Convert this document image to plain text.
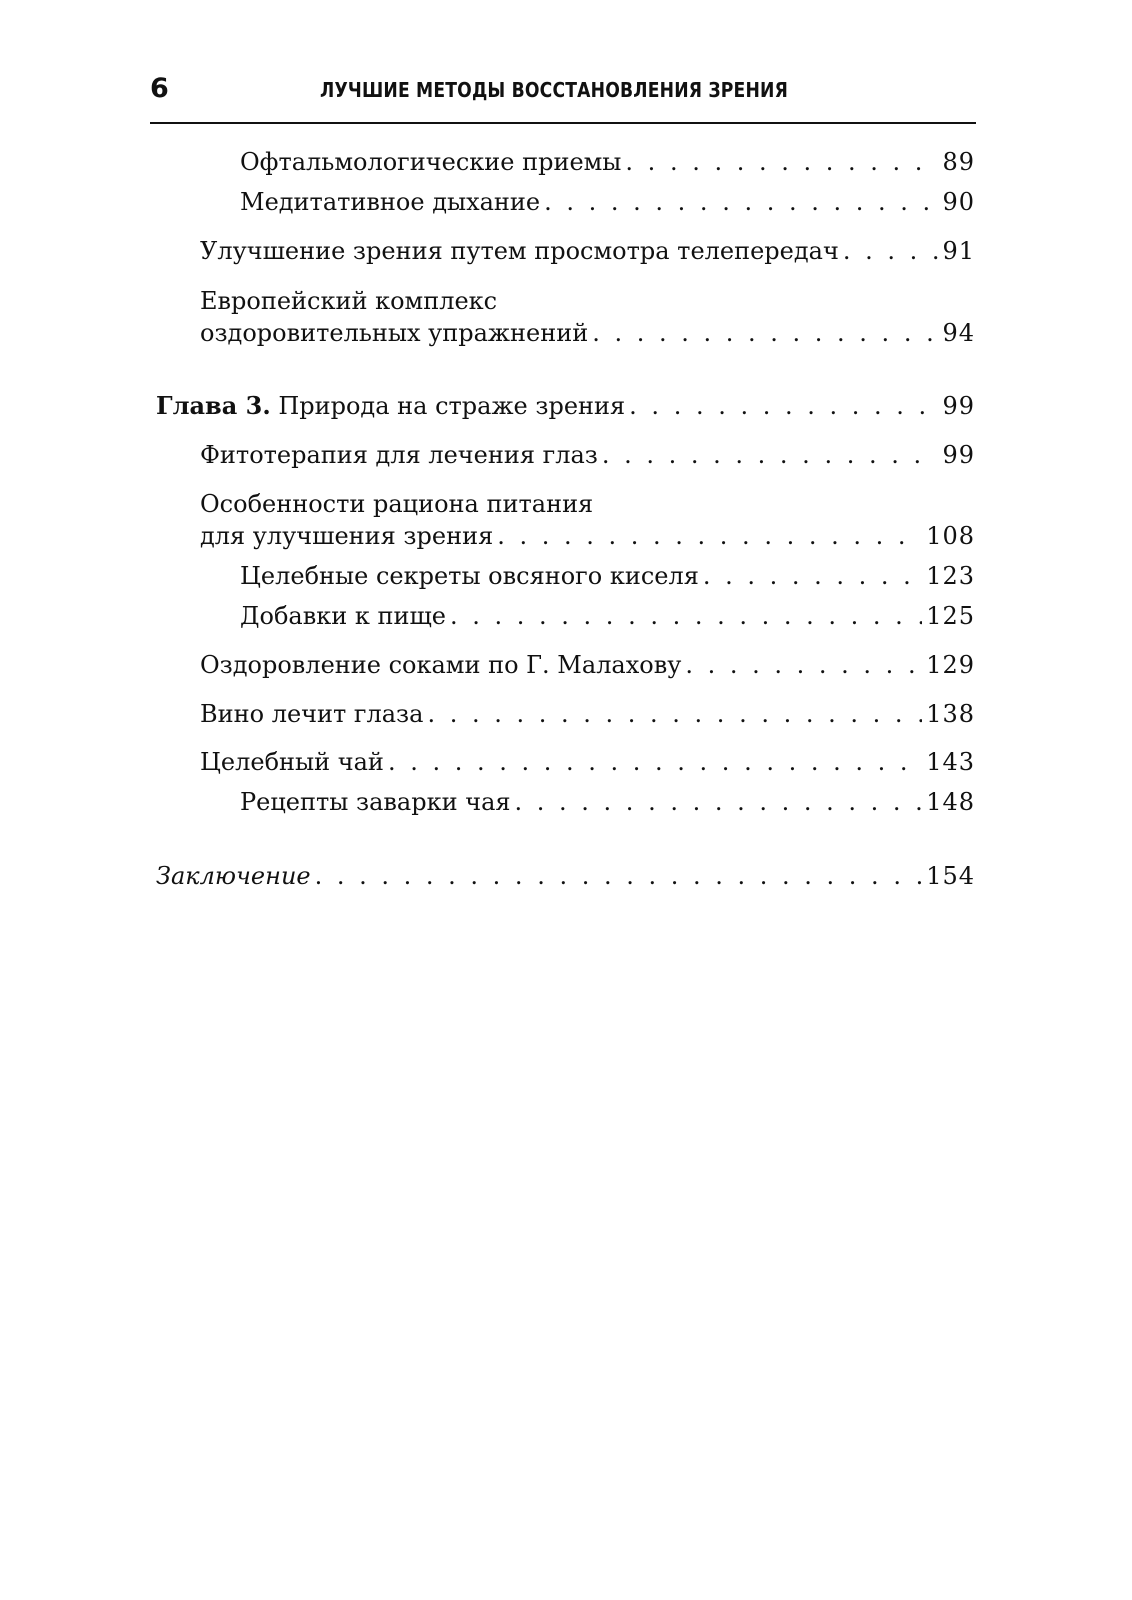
6	ЛУЧШИЕ МЕТОДЫ ВОССТАНОВЛЕНИЯ ЗРЕНИЯ
Офтальмологические приемы . . .	89
Медитативное дыхание . . .	90
Улучшение зрения путем просмотра телепередач . . .	91
Европейский комплекс
оздоровительных упражнений . . .	94
Глава 3. Природа на страже зрения . . .	99
Фитотерапия для лечения глаз . . .	99
Особенности рациона питания
для улучшения зрения . . .	108
Целебные секреты овсяного киселя . . .	123
Добавки к пище . . .	125
Оздоровление соками по Г. Малахову . . .	129
Вино лечит глаза . . .	138
Целебный чай . . .	143
Рецепты заварки чая . . .	148
Заключение . . .	154
